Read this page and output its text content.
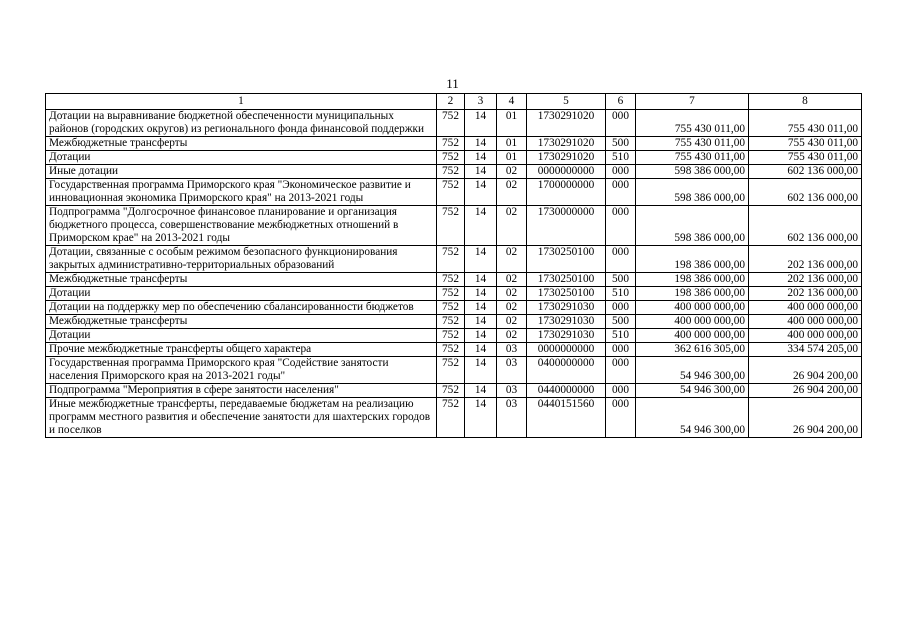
11
1	2	3	4	5	6	7	8
Дотации на выравнивание бюджетной обеспеченности муниципальных районов (городских округов) из регионального фонда финансовой поддержки	752	14	01	1730291020	000	755 430 011,00	755 430 011,00
Межбюджетные трансферты	752	14	01	1730291020	500	755 430 011,00	755 430 011,00
Дотации	752	14	01	1730291020	510	755 430 011,00	755 430 011,00
Иные дотации	752	14	02	0000000000	000	598 386 000,00	602 136 000,00
Государственная программа Приморского края "Экономическое развитие и инновационная экономика Приморского края" на 2013-2021 годы	752	14	02	1700000000	000	598 386 000,00	602 136 000,00
Подпрограмма "Долгосрочное финансовое планирование и организация бюджетного процесса, совершенствование межбюджетных отношений в Приморском крае" на 2013-2021 годы	752	14	02	1730000000	000	598 386 000,00	602 136 000,00
Дотации, связанные с особым режимом безопасного функционирования закрытых административно-территориальных образований	752	14	02	1730250100	000	198 386 000,00	202 136 000,00
Межбюджетные трансферты	752	14	02	1730250100	500	198 386 000,00	202 136 000,00
Дотации	752	14	02	1730250100	510	198 386 000,00	202 136 000,00
Дотации на поддержку мер по обеспечению сбалансированности бюджетов	752	14	02	1730291030	000	400 000 000,00	400 000 000,00
Межбюджетные трансферты	752	14	02	1730291030	500	400 000 000,00	400 000 000,00
Дотации	752	14	02	1730291030	510	400 000 000,00	400 000 000,00
Прочие межбюджетные трансферты общего характера	752	14	03	0000000000	000	362 616 305,00	334 574 205,00
Государственная программа Приморского края "Содействие занятости населения Приморского края на 2013-2021 годы"	752	14	03	0400000000	000	54 946 300,00	26 904 200,00
Подпрограмма "Мероприятия в сфере занятости населения"	752	14	03	0440000000	000	54 946 300,00	26 904 200,00
Иные межбюджетные трансферты, передаваемые бюджетам на реализацию программ местного развития и обеспечение занятости для шахтерских городов и поселков	752	14	03	0440151560	000	54 946 300,00	26 904 200,00
